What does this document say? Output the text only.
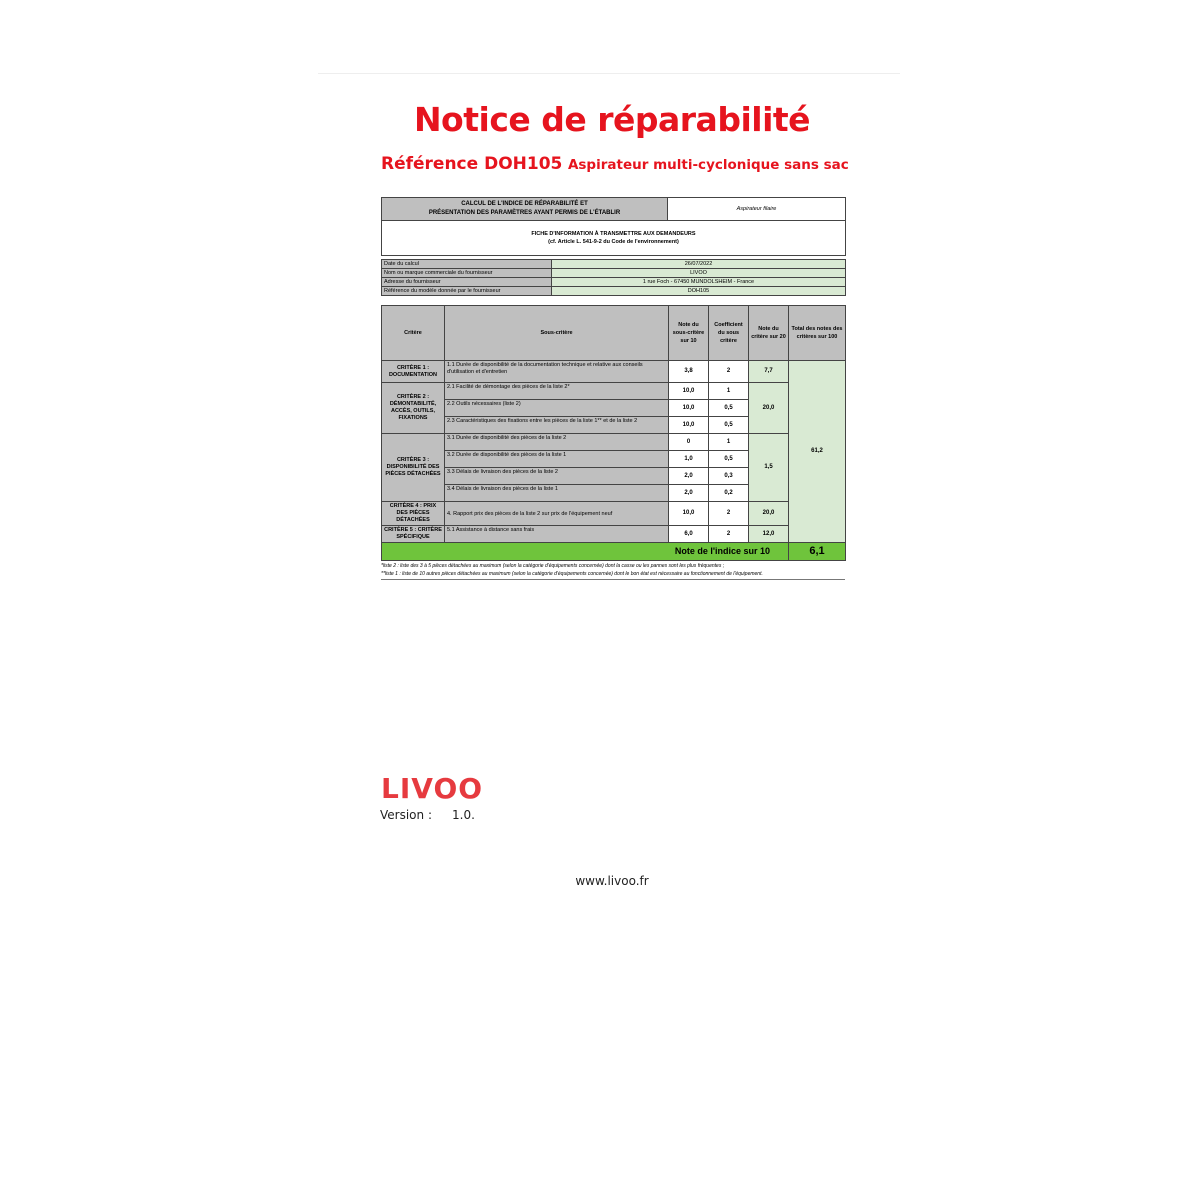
Notice de réparabilité
Référence DOH105 Aspirateur multi-cyclonique sans sac
CALCUL DE L'INDICE DE RÉPARABILITÉ ET
PRÉSENTATION DES PARAMÈTRES AYANT PERMIS DE L'ÉTABLIR	Aspirateur filaire
FICHE D'INFORMATION À TRANSMETTRE AUX DEMANDEURS
(cf. Article L. 541-9-2 du Code de l'environnement)
Date du calcul	26/07/2022
Nom ou marque commerciale du fournisseur	LIVOO
Adresse du fournisseur	1 rue Foch - 67450 MUNDOLSHEIM - France
Référence du modèle donnée par le fournisseur	DOH105
Critère	Sous-critère	Note du sous-critère sur 10	Coefficient du sous critère	Note du critère sur 20	Total des notes des critères sur 100
CRITÈRE 1 : DOCUMENTATION	1.1 Durée de disponibilité de la documentation technique et relative aux conseils d'utilisation et d'entretien	3,8	2	7,7	61,2
CRITÈRE 2 : DÉMONTABILITÉ, ACCÈS, OUTILS, FIXATIONS	2.1 Facilité de démontage des pièces de la liste 2*	10,0	1	20,0	
	2.2 Outils nécessaires (liste 2)	10,0	0,5		
	2.3 Caractéristiques des fixations entre les pièces de la liste 1** et de la liste 2	10,0	0,5		
CRITÈRE 3 : DISPONIBILITÉ DES PIÈCES DÉTACHÉES	3.1 Durée de disponibilité des pièces de la liste 2	0	1	1,5	
	3.2 Durée de disponibilité des pièces de la liste 1	1,0	0,5		
	3.3 Délais de livraison des pièces de la liste 2	2,0	0,3		
	3.4 Délais de livraison des pièces de la liste 1	2,0	0,2		
CRITÈRE 4 : PRIX DES PIÈCES DÉTACHÉES	4. Rapport prix des pièces de la liste 2 sur prix de l'équipement neuf	10,0	2	20,0	
CRITÈRE 5 : CRITÈRE SPÉCIFIQUE	5.1 Assistance à distance sans frais	6,0	2	12,0	
Note de l'indice sur 10					6,1
*liste 2 : liste des 3 à 5 pièces détachées au maximum (selon la catégorie d'équipements concernée) dont la casse ou les pannes sont les plus fréquentes ;
**liste 1 : liste de 10 autres pièces détachées au maximum (selon la catégorie d'équipements concernée) dont le bon état est nécessaire au fonctionnement de l'équipement.
LIVOO
Version : 1.0.
www.livoo.fr
